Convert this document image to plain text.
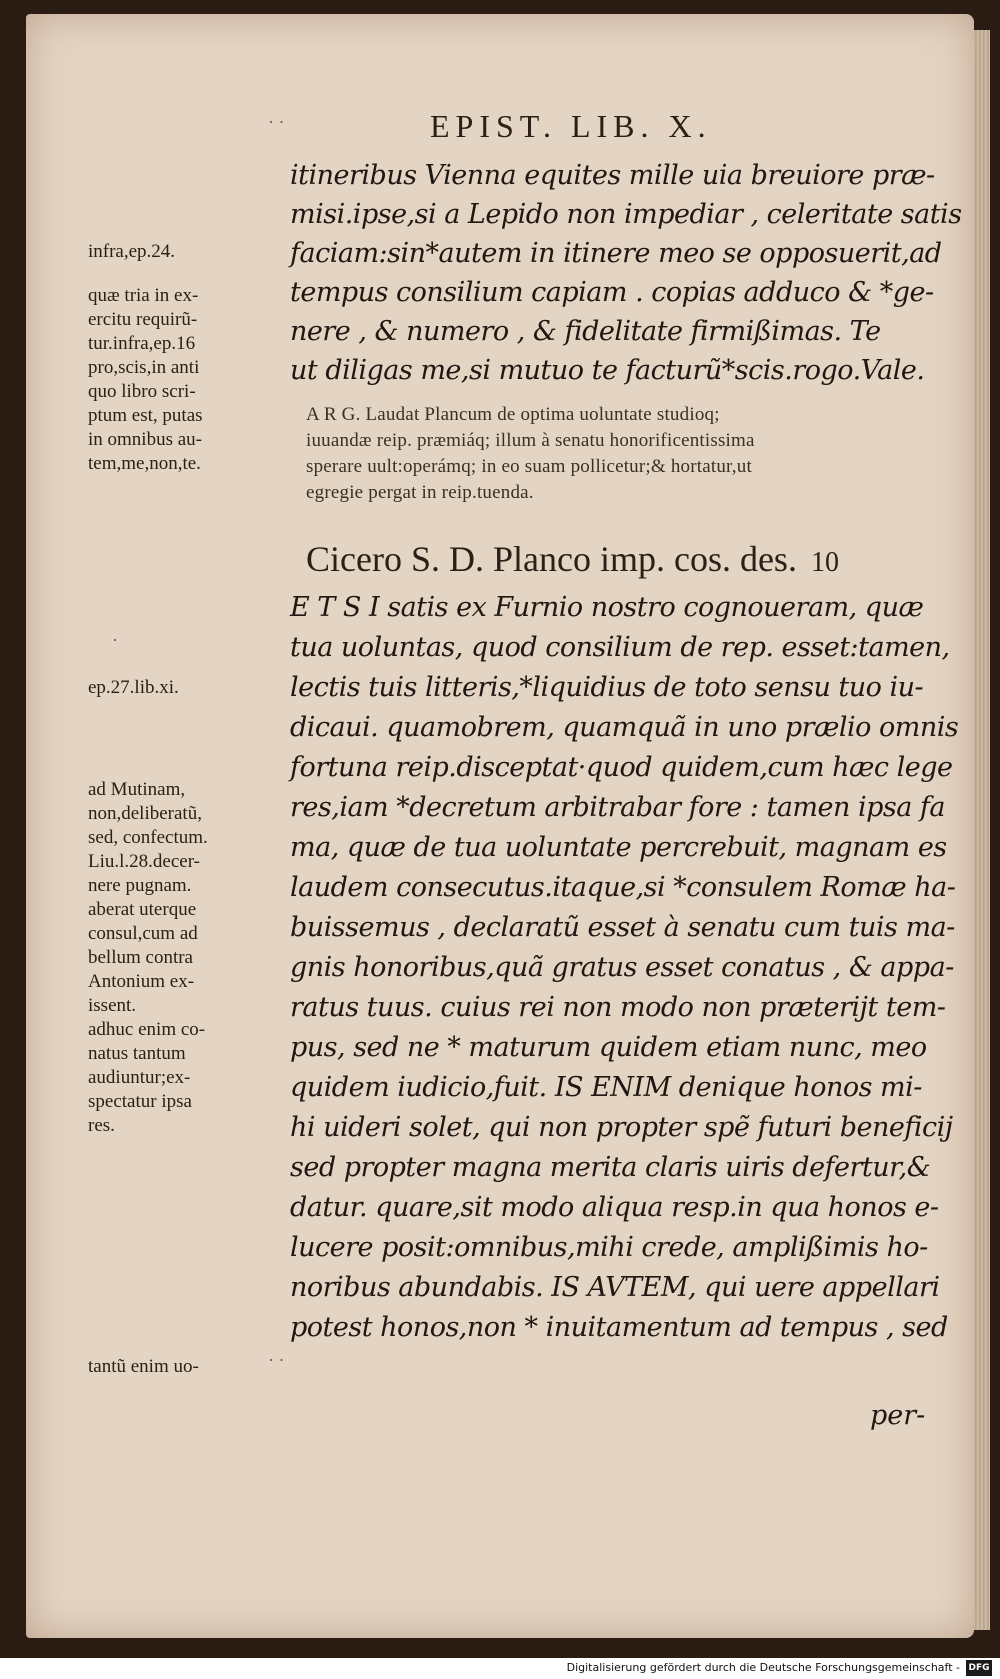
EPIST. LIB. X.
· ·
itineribus Vienna equites mille uia breuiore præ-
misi.ipse,si a Lepido non impediar , celeritate satis
faciam:sin*autem in itinere meo se opposuerit,ad
tempus consilium capiam . copias adduco & *ge-
nere , & numero , & fidelitate firmißimas. Te
ut diligas me,si mutuo te facturũ*scis.rogo.Vale.
A R G. Laudat Plancum de optima uoluntate studioq;
iuuandæ reip. præmiáq; illum à senatu honorificentissima
sperare uult:operámq; in eo suam pollicetur;& hortatur,ut
egregie pergat in reip.tuenda.
Cicero S. D. Planco imp. cos. des. 10
E T S I satis ex Furnio nostro cognoueram, quæ
tua uoluntas, quod consilium de rep. esset:tamen,
lectis tuis litteris,*liquidius de toto sensu tuo iu-
dicaui. quamobrem, quamquã in uno prælio omnis
fortuna reip.disceptat·quod quidem,cum hæc lege
res,iam *decretum arbitrabar fore : tamen ipsa fa
ma, quæ de tua uoluntate percrebuit, magnam es
laudem consecutus.itaque,si *consulem Romæ ha-
buissemus , declaratũ esset à senatu cum tuis ma-
gnis honoribus,quã gratus esset conatus , & appa-
ratus tuus. cuius rei non modo non præterijt tem-
pus, sed ne * maturum quidem etiam nunc, meo
quidem iudicio,fuit. IS ENIM denique honos mi-
hi uideri solet, qui non propter spẽ futuri beneficij
sed propter magna merita claris uiris defertur,&
datur. quare,sit modo aliqua resp.in qua honos e-
lucere posit:omnibus,mihi crede, amplißimis ho-
noribus abundabis. IS AVTEM, qui uere appellari
potest honos,non * inuitamentum ad tempus , sed
· ·
per-
infra,ep.24.
quæ tria in ex-
ercitu requirũ-
tur.infra,ep.16
pro,scis,in anti
quo libro scri-
ptum est, putas
in omnibus au-
tem,me,non,te.
·
ep.27.lib.xi.
ad Mutinam,
non,deliberatũ,
sed, confectum.
Liu.l.28.decer-
nere pugnam.
aberat uterque
consul,cum ad
bellum contra
Antonium ex-
issent.
adhuc enim co-
natus tantum
audiuntur;ex-
spectatur ipsa
res.
tantũ enim uo-
Digitalisierung gefördert durch die Deutsche Forschungsgemeinschaft - DFG
